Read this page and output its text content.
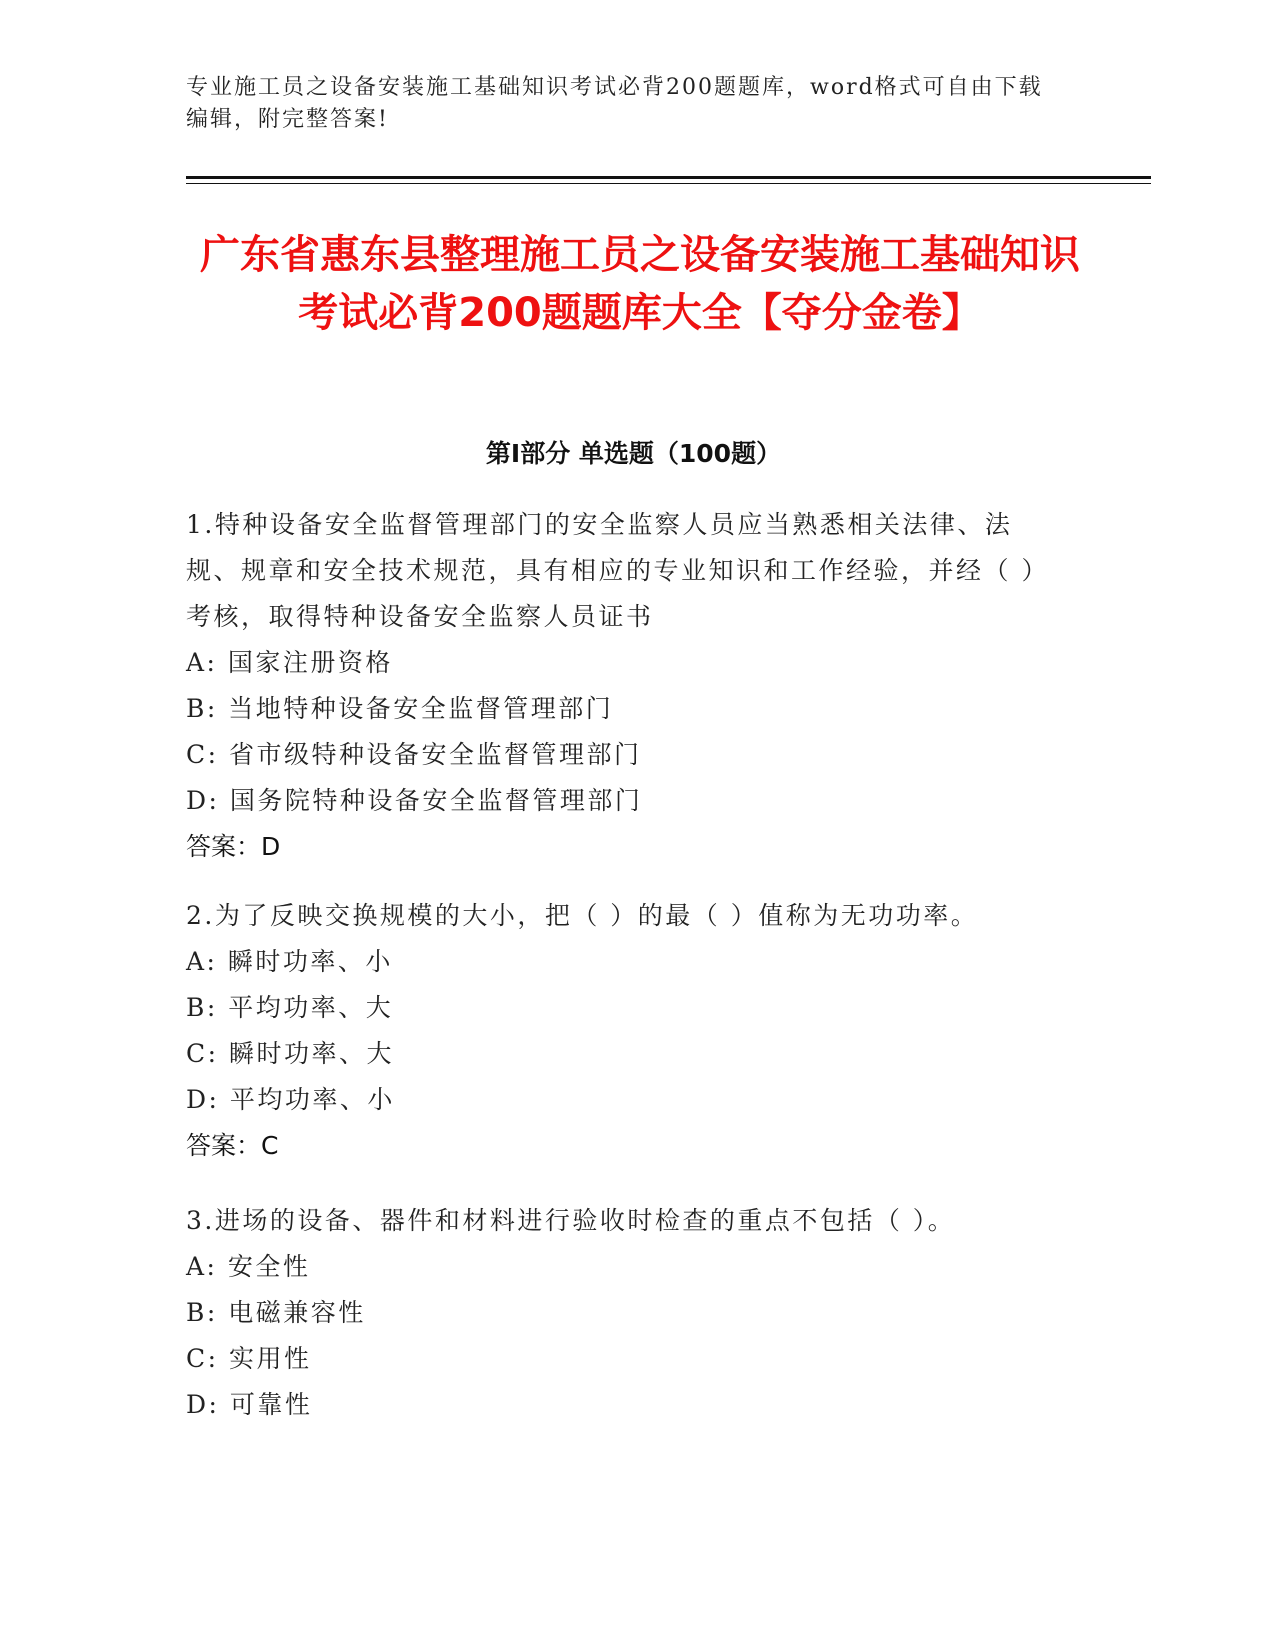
专业施工员之设备安装施工基础知识考试必背200题题库，word格式可自由下载编辑，附完整答案!
广东省惠东县整理施工员之设备安装施工基础知识考试必背200题题库大全【夺分金卷】
第I部分 单选题（100题）
1.特种设备安全监督管理部门的安全监察人员应当熟悉相关法律、法规、规章和安全技术规范，具有相应的专业知识和工作经验，并经（ ）考核，取得特种设备安全监察人员证书
A: 国家注册资格
B: 当地特种设备安全监督管理部门
C: 省市级特种设备安全监督管理部门
D: 国务院特种设备安全监督管理部门
答案：D
2.为了反映交换规模的大小，把（ ）的最（ ）值称为无功功率。
A: 瞬时功率、小
B: 平均功率、大
C: 瞬时功率、大
D: 平均功率、小
答案：C
3.进场的设备、器件和材料进行验收时检查的重点不包括（ ）。
A: 安全性
B: 电磁兼容性
C: 实用性
D: 可靠性
